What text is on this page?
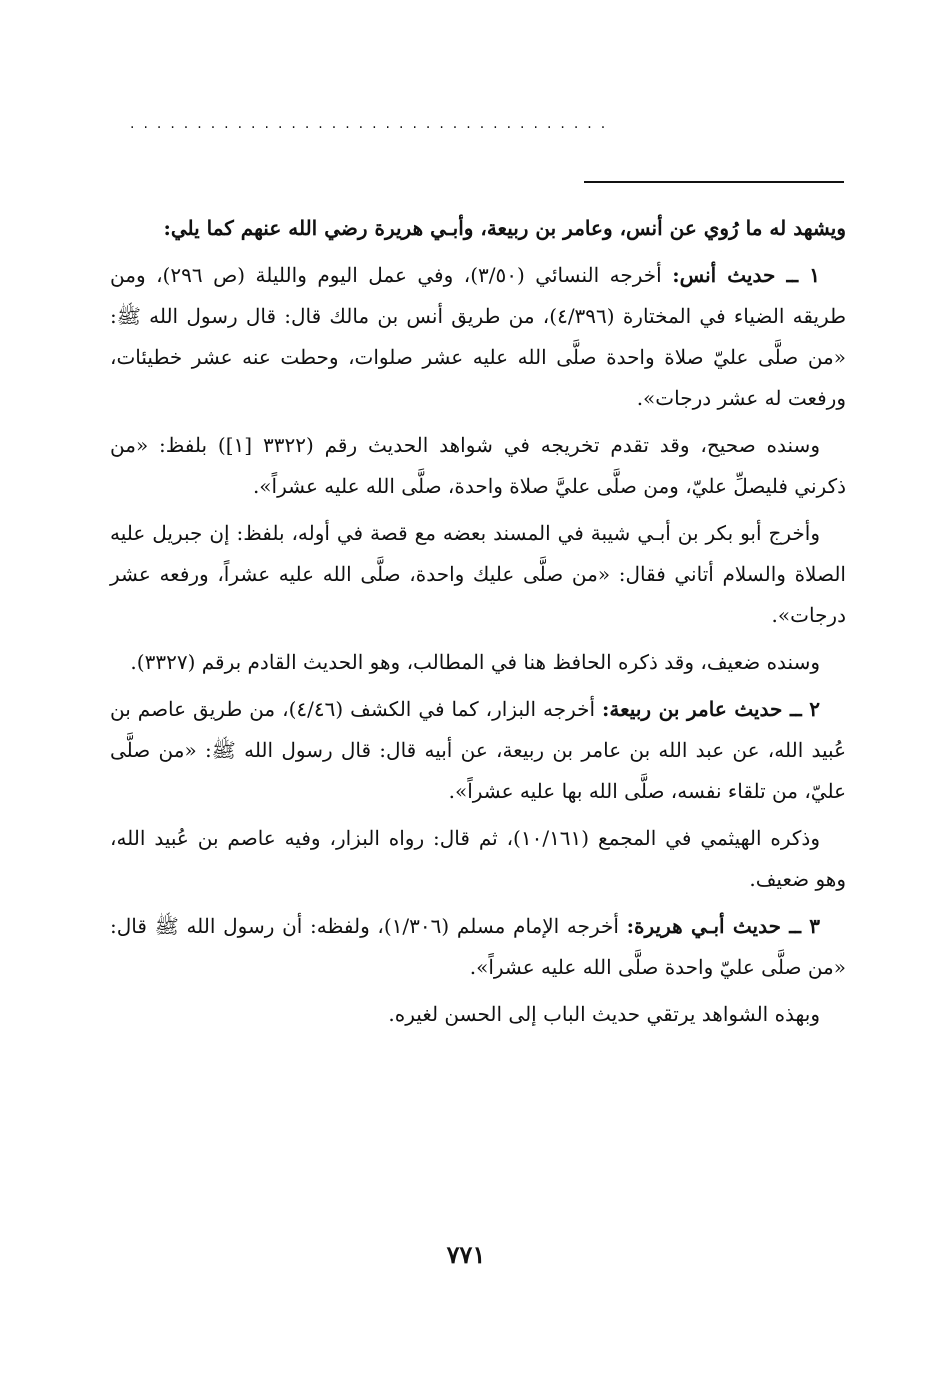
....................................

ويشهد له ما رُوي عن أنس، وعامر بن ربيعة، وأبـي هريرة رضي الله عنهم كما يلي:

١ ــ حديث أنس: أخرجه النسائي (٣/٥٠)، وفي عمل اليوم والليلة (ص ٢٩٦)، ومن طريقه الضياء في المختارة (٤/٣٩٦)، من طريق أنس بن مالك قال: قال رسول الله ﷺ: «من صلَّى عليّ صلاة واحدة صلَّى الله عليه عشر صلوات، وحطت عنه عشر خطيئات، ورفعت له عشر درجات».

وسنده صحيح، وقد تقدم تخريجه في شواهد الحديث رقم (٣٣٢٢ [١]) بلفظ: «من ذكرني فليصلِّ عليّ، ومن صلَّى عليَّ صلاة واحدة، صلَّى الله عليه عشراً».

وأخرج أبو بكر بن أبـي شيبة في المسند بعضه مع قصة في أوله، بلفظ: إن جبريل عليه الصلاة والسلام أتاني فقال: «من صلَّى عليك واحدة، صلَّى الله عليه عشراً، ورفعه عشر درجات».

وسنده ضعيف، وقد ذكره الحافظ هنا في المطالب، وهو الحديث القادم برقم (٣٣٢٧).

٢ ــ حديث عامر بن ربيعة: أخرجه البزار، كما في الكشف (٤/٤٦)، من طريق عاصم بن عُبيد الله، عن عبد الله بن عامر بن ربيعة، عن أبيه قال: قال رسول الله ﷺ: «من صلَّى عليّ، من تلقاء نفسه، صلَّى الله بها عليه عشراً».

وذكره الهيثمي في المجمع (١٠/١٦١)، ثم قال: رواه البزار، وفيه عاصم بن عُبيد الله، وهو ضعيف.

٣ ــ حديث أبـي هريرة: أخرجه الإمام مسلم (١/٣٠٦)، ولفظه: أن رسول الله ﷺ قال: «من صلَّى عليّ واحدة صلَّى الله عليه عشراً».

وبهذه الشواهد يرتقي حديث الباب إلى الحسن لغيره.

٧٧١
